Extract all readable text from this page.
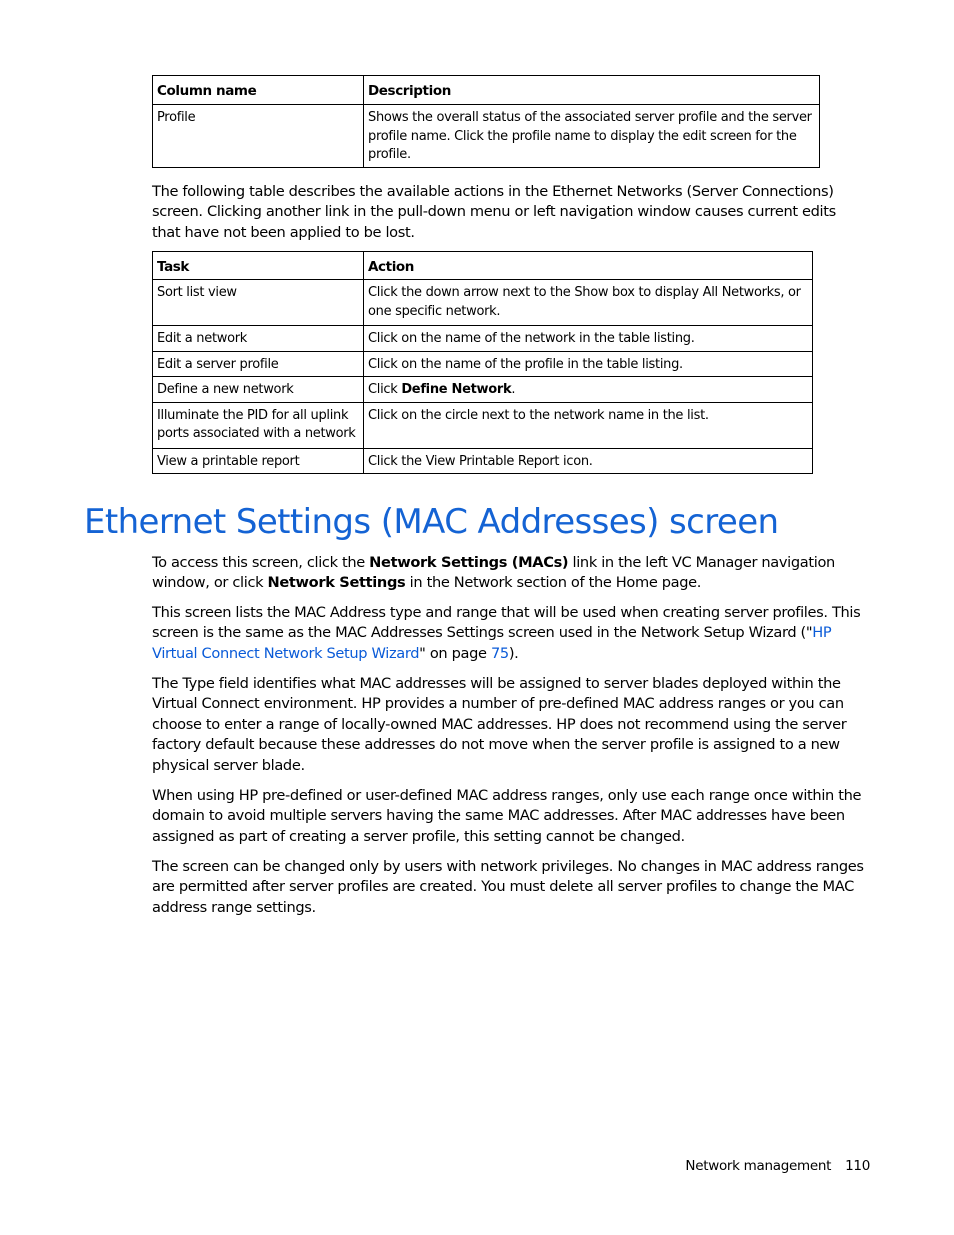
Column name	Description
Profile	Shows the overall status of the associated server profile and the server profile name. Click the profile name to display the edit screen for the profile.

The following table describes the available actions in the Ethernet Networks (Server Connections) screen. Clicking another link in the pull-down menu or left navigation window causes current edits that have not been applied to be lost.

Task	Action
Sort list view	Click the down arrow next to the Show box to display All Networks, or one specific network.
Edit a network	Click on the name of the network in the table listing.
Edit a server profile	Click on the name of the profile in the table listing.
Define a new network	Click Define Network.
Illuminate the PID for all uplink ports associated with a network	Click on the circle next to the network name in the list.
View a printable report	Click the View Printable Report icon.
Ethernet Settings (MAC Addresses) screen

To access this screen, click the Network Settings (MACs) link in the left VC Manager navigation window, or click Network Settings in the Network section of the Home page.

This screen lists the MAC Address type and range that will be used when creating server profiles. This screen is the same as the MAC Addresses Settings screen used in the Network Setup Wizard ("HP Virtual Connect Network Setup Wizard" on page 75).

The Type field identifies what MAC addresses will be assigned to server blades deployed within the Virtual Connect environment. HP provides a number of pre-defined MAC address ranges or you can choose to enter a range of locally-owned MAC addresses. HP does not recommend using the server factory default because these addresses do not move when the server profile is assigned to a new physical server blade.

When using HP pre-defined or user-defined MAC address ranges, only use each range once within the domain to avoid multiple servers having the same MAC addresses. After MAC addresses have been assigned as part of creating a server profile, this setting cannot be changed.

The screen can be changed only by users with network privileges. No changes in MAC address ranges are permitted after server profiles are created. You must delete all server profiles to change the MAC address range settings.

Network management 110
